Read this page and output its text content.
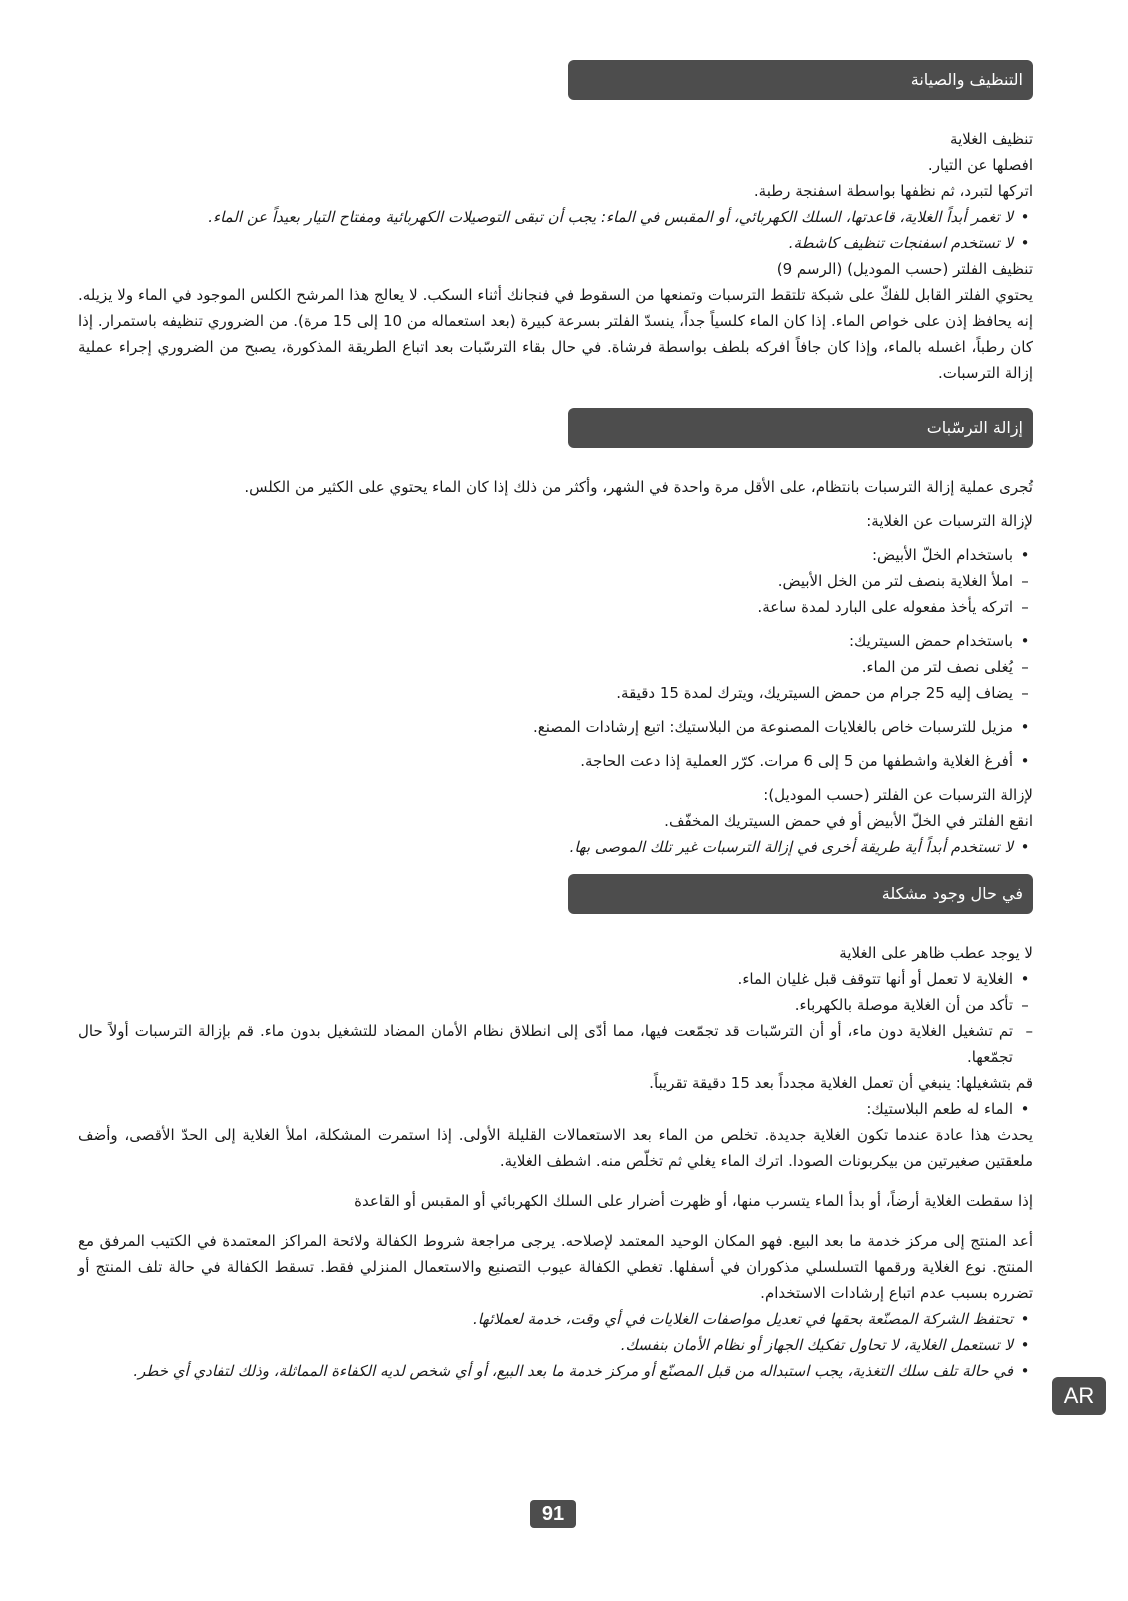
التنظيف والصيانة

تنظيف الغلاية

افصلها عن التيار.

اتركها لتبرد، ثم نظفها بواسطة اسفنجة رطبة.

•
لا تغمر أبداً الغلاية، قاعدتها، السلك الكهربائي، أو المقبس في الماء: يجب أن تبقى التوصيلات الكهربائية ومفتاح التيار بعيداً عن الماء.

•
لا تستخدم اسفنجات تنظيف كاشطة.

تنظيف الفلتر (حسب الموديل) (الرسم 9)

يحتوي الفلتر القابل للفكّ على شبكة تلتقط الترسبات وتمنعها من السقوط في فنجانك أثناء السكب. لا يعالج هذا المرشح الكلس الموجود في الماء ولا يزيله. إنه يحافظ إذن على خواص الماء. إذا كان الماء كلسياً جداً، ينسدّ الفلتر بسرعة كبيرة (بعد استعماله من 10 إلى 15 مرة). من الضروري تنظيفه باستمرار. إذا كان رطباً، اغسله بالماء، وإذا كان جافاً افركه بلطف بواسطة فرشاة. في حال بقاء الترسّبات بعد اتباع الطريقة المذكورة، يصبح من الضروري إجراء عملية إزالة الترسبات.

إزالة الترسّبات

تُجرى عملية إزالة الترسبات بانتظام، على الأقل مرة واحدة في الشهر، وأكثر من ذلك إذا كان الماء يحتوي على الكثير من الكلس.

لإزالة الترسبات عن الغلاية:

•
باستخدام الخلّ الأبيض:

–
املأ الغلاية بنصف لتر من الخل الأبيض.

–
اتركه يأخذ مفعوله على البارد لمدة ساعة.

•
باستخدام حمض السيتريك:

–
يُغلى نصف لتر من الماء.

–
يضاف إليه 25 جرام من حمض السيتريك، ويترك لمدة 15 دقيقة.

•
مزيل للترسبات خاص بالغلايات المصنوعة من البلاستيك: اتبع إرشادات المصنع.

•
أفرغ الغلاية واشطفها من 5 إلى 6 مرات. كرّر العملية إذا دعت الحاجة.

لإزالة الترسبات عن الفلتر (حسب الموديل):

انقع الفلتر في الخلّ الأبيض أو في حمض السيتريك المخفّف.

•
لا تستخدم أبداً أية طريقة أخرى في إزالة الترسبات غير تلك الموصى بها.

في حال وجود مشكلة

لا يوجد عطب ظاهر على الغلاية

•
الغلاية لا تعمل أو أنها تتوقف قبل غليان الماء.

–
تأكد من أن الغلاية موصلة بالكهرباء.

–
تم تشغيل الغلاية دون ماء، أو أن الترسّبات قد تجمّعت فيها، مما أدّى إلى انطلاق نظام الأمان المضاد للتشغيل بدون ماء. قم بإزالة الترسبات أولاً حال تجمّعها.

قم بتشغيلها: ينبغي أن تعمل الغلاية مجدداً بعد 15 دقيقة تقريباً.

•
الماء له طعم البلاستيك:

يحدث هذا عادة عندما تكون الغلاية جديدة. تخلص من الماء بعد الاستعمالات القليلة الأولى. إذا استمرت المشكلة، املأ الغلاية إلى الحدّ الأقصى، وأضف ملعقتين صغيرتين من بيكربونات الصودا. اترك الماء يغلي ثم تخلّص منه. اشطف الغلاية.

إذا سقطت الغلاية أرضاً، أو بدأ الماء يتسرب منها، أو ظهرت أضرار على السلك الكهربائي أو المقبس أو القاعدة

أعد المنتج إلى مركز خدمة ما بعد البيع. فهو المكان الوحيد المعتمد لإصلاحه. يرجى مراجعة شروط الكفالة ولائحة المراكز المعتمدة في الكتيب المرفق مع المنتج. نوع الغلاية ورقمها التسلسلي مذكوران في أسفلها. تغطي الكفالة عيوب التصنيع والاستعمال المنزلي فقط. تسقط الكفالة في حالة تلف المنتج أو تضرره بسبب عدم اتباع إرشادات الاستخدام.

•
تحتفظ الشركة المصنّعة بحقها في تعديل مواصفات الغلايات في أي وقت، خدمة لعملائها.

•
لا تستعمل الغلاية، لا تحاول تفكيك الجهاز أو نظام الأمان بنفسك.

•
في حالة تلف سلك التغذية، يجب استبداله من قبل المصنّع أو مركز خدمة ما بعد البيع، أو أي شخص لديه الكفاءة المماثلة، وذلك لتفادي أي خطر.

AR
91
